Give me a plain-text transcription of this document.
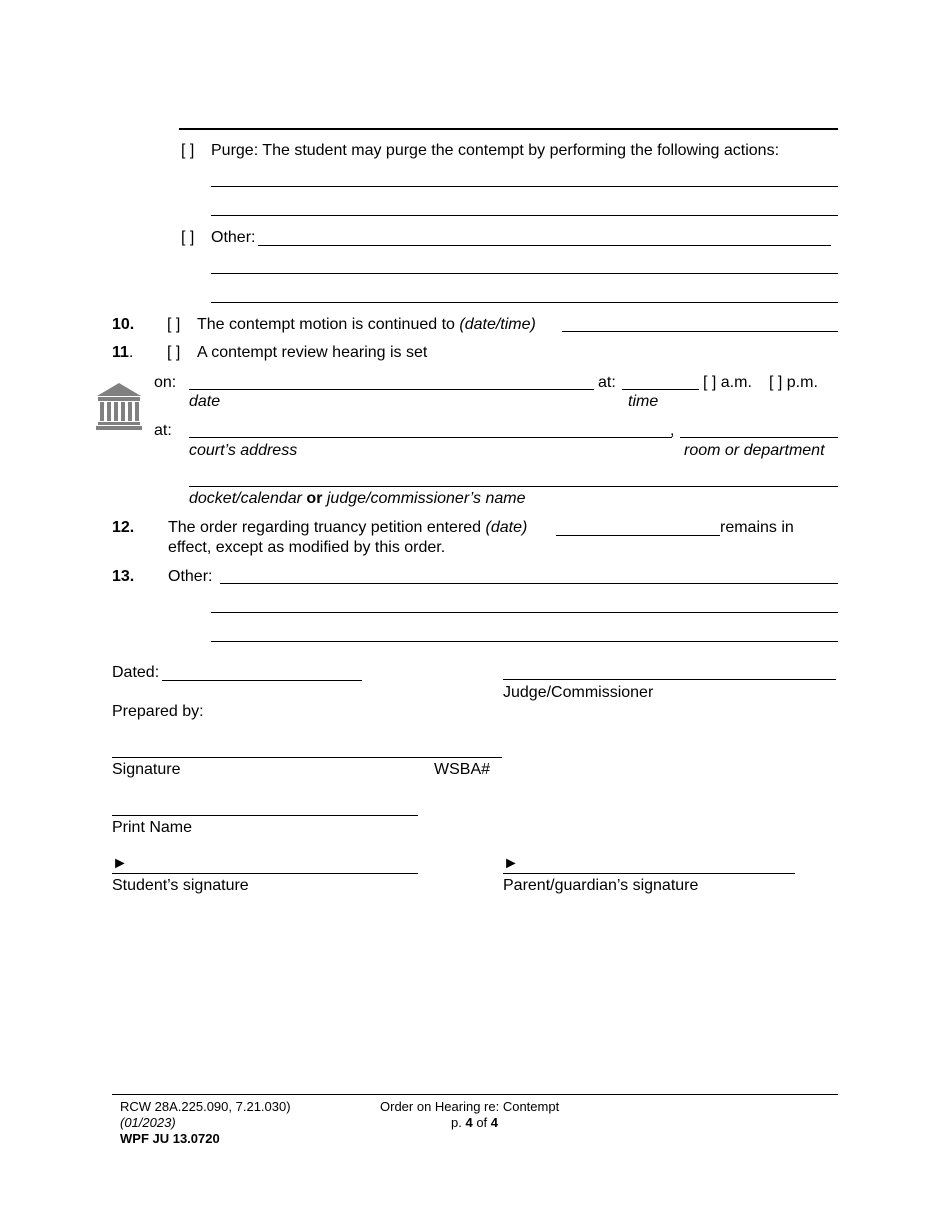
[ ] Purge: The student may purge the contempt by performing the following actions:
[ ] Other:
10. [ ] The contempt motion is continued to (date/time)
11. [ ] A contempt review hearing is set
on:	at:	[ ] a.m. [ ] p.m.
date	time
at:	,
court’s address	room or department
docket/calendar or judge/commissioner’s name
12. The order regarding truancy petition entered (date)	remains in
effect, except as modified by this order.
13. Other:
Dated:
Judge/Commissioner
Prepared by:
Signature	WSBA#
Print Name
►
Student’s signature
►
Parent/guardian’s signature
RCW 28A.225.090, 7.21.030)
(01/2023)
WPF JU 13.0720
Order on Hearing re: Contempt
p. 4 of 4
